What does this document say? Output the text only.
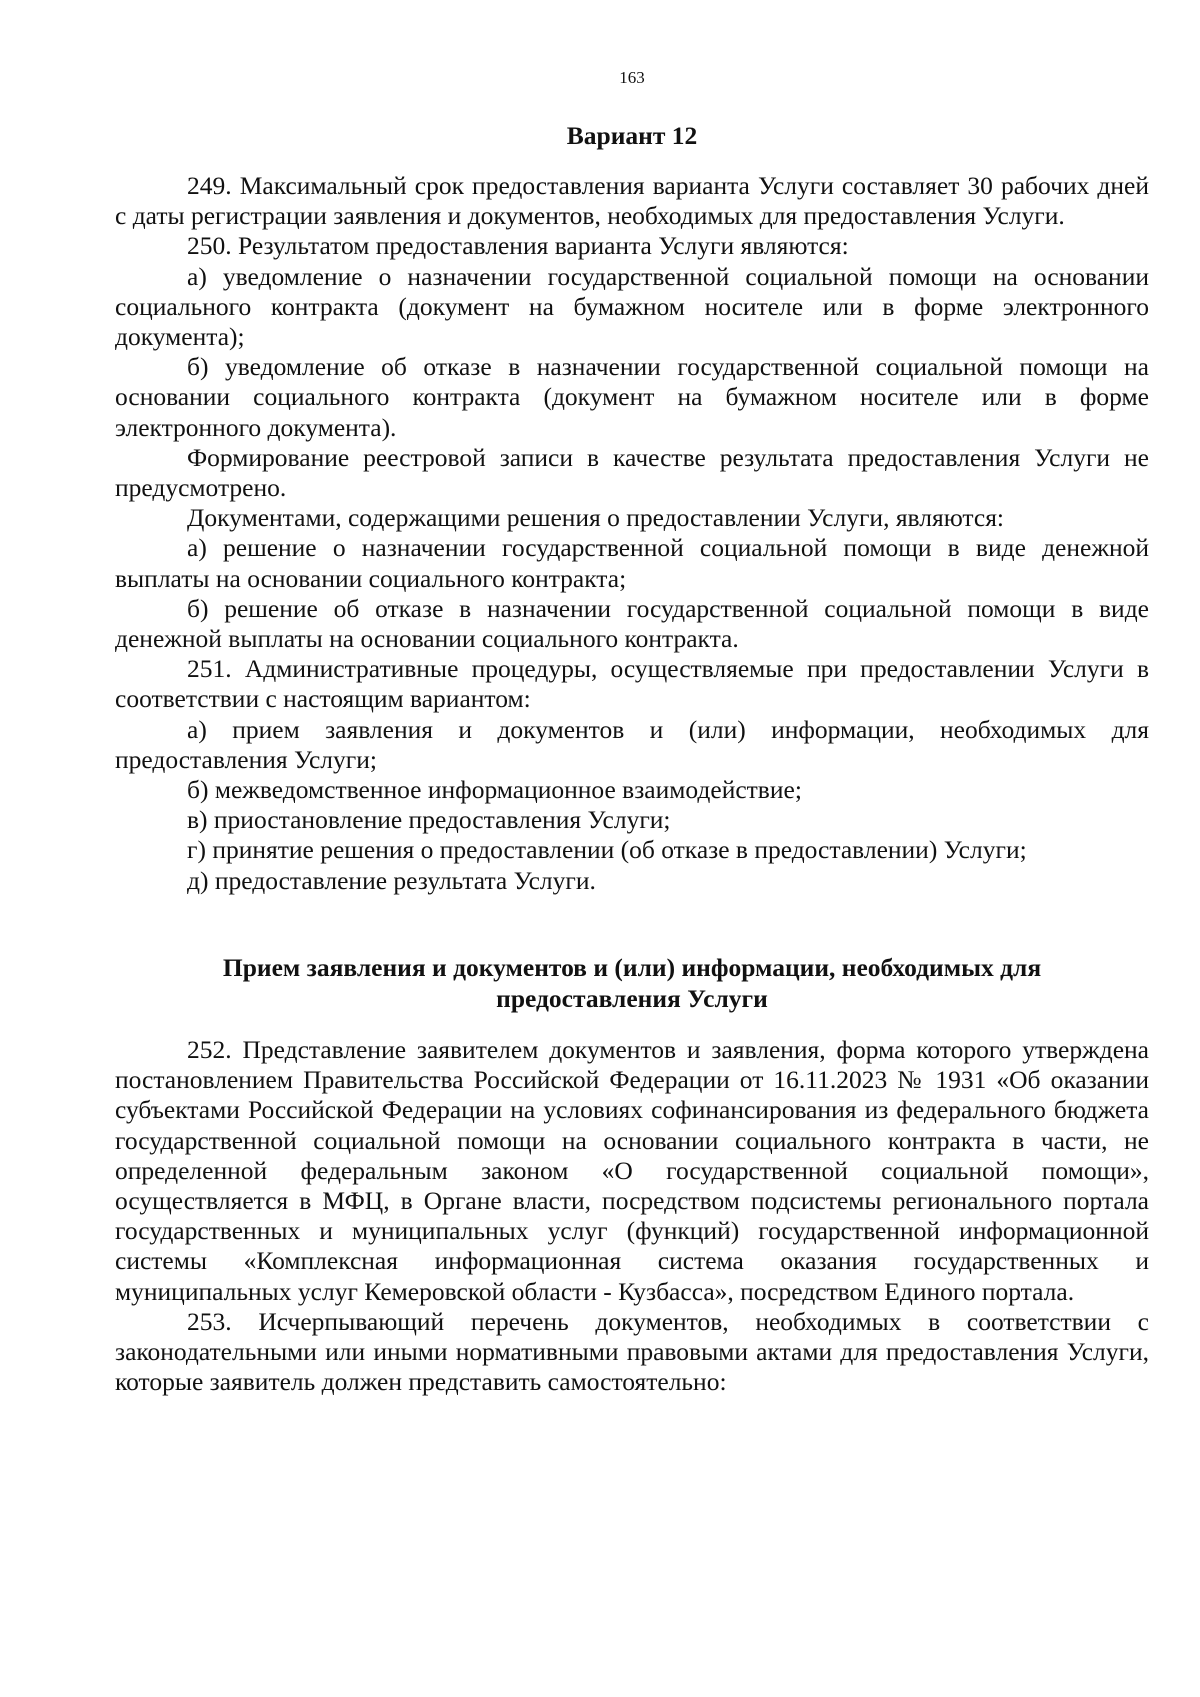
163
Вариант 12

249. Максимальный срок предоставления варианта Услуги составляет 30 рабочих дней с даты регистрации заявления и документов, необходимых для предоставления Услуги.

250. Результатом предоставления варианта Услуги являются:

а) уведомление о назначении государственной социальной помощи на основании социального контракта (документ на бумажном носителе или в форме электронного документа);

б) уведомление об отказе в назначении государственной социальной помощи на основании социального контракта (документ на бумажном носителе или в форме электронного документа).

Формирование реестровой записи в качестве результата предоставления Услуги не предусмотрено.

Документами, содержащими решения о предоставлении Услуги, являются:

а) решение о назначении государственной социальной помощи в виде денежной выплаты на основании социального контракта;

б) решение об отказе в назначении государственной социальной помощи в виде денежной выплаты на основании социального контракта.

251. Административные процедуры, осуществляемые при предоставлении Услуги в соответствии с настоящим вариантом:

а) прием заявления и документов и (или) информации, необходимых для предоставления Услуги;

б) межведомственное информационное взаимодействие;

в) приостановление предоставления Услуги;

г) принятие решения о предоставлении (об отказе в предоставлении) Услуги;

д) предоставление результата Услуги.

Прием заявления и документов и (или) информации, необходимых для
предоставления Услуги

252. Представление заявителем документов и заявления, форма которого утверждена постановлением Правительства Российской Федерации от 16.11.2023 № 1931 «Об оказании субъектами Российской Федерации на условиях софинансирования из федерального бюджета государственной социальной помощи на основании социального контракта в части, не определенной федеральным законом «О государственной социальной помощи», осуществляется в МФЦ, в Органе власти, посредством подсистемы регионального портала государственных и муниципальных услуг (функций) государственной информационной системы «Комплексная информационная система оказания государственных и муниципальных услуг Кемеровской области - Кузбасса», посредством Единого портала.

253. Исчерпывающий перечень документов, необходимых в соответствии с законодательными или иными нормативными правовыми актами для предоставления Услуги, которые заявитель должен представить самостоятельно:
